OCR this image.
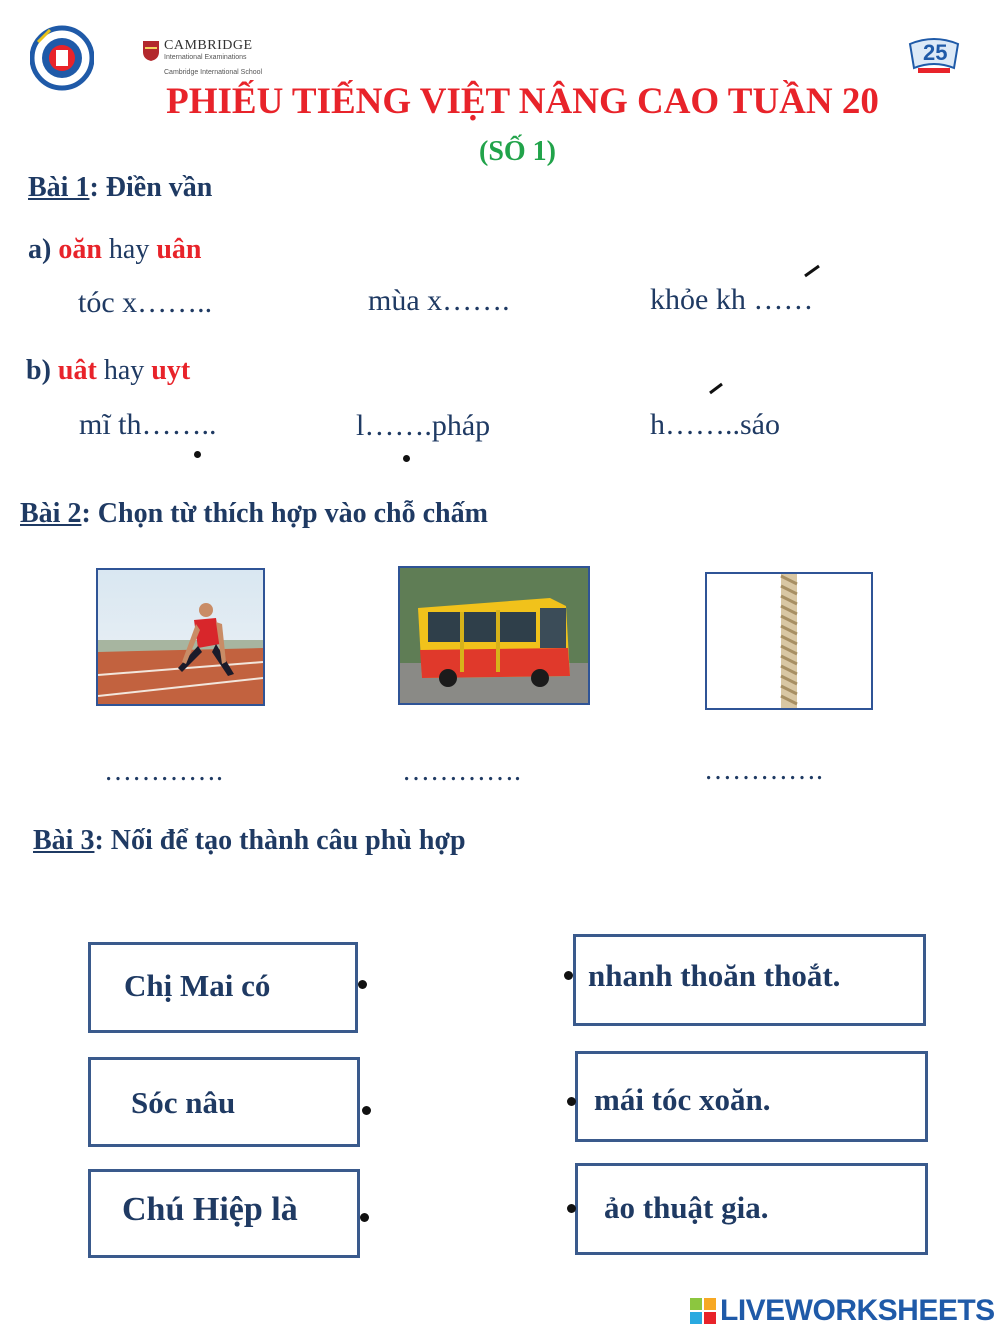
CAMBRIDGE
International Examinations
Cambridge International School
25
PHIẾU TIẾNG VIỆT NÂNG CAO TUẦN 20
(SỐ 1)
Bài 1: Điền vần
a) oăn hay uân
tóc x……..	mùa x…….	khỏe kh ……
b) uât hay uyt
mĩ th……..	l…….pháp	h……..sáo
Bài 2: Chọn từ thích hợp vào chỗ chấm
………….	………….	………….
Bài 3: Nối để tạo thành câu phù hợp
Chị Mai có
Sóc nâu
Chú Hiệp là
nhanh thoăn thoắt.
mái tóc xoăn.
ảo thuật gia.
LIVEWORKSHEETS
